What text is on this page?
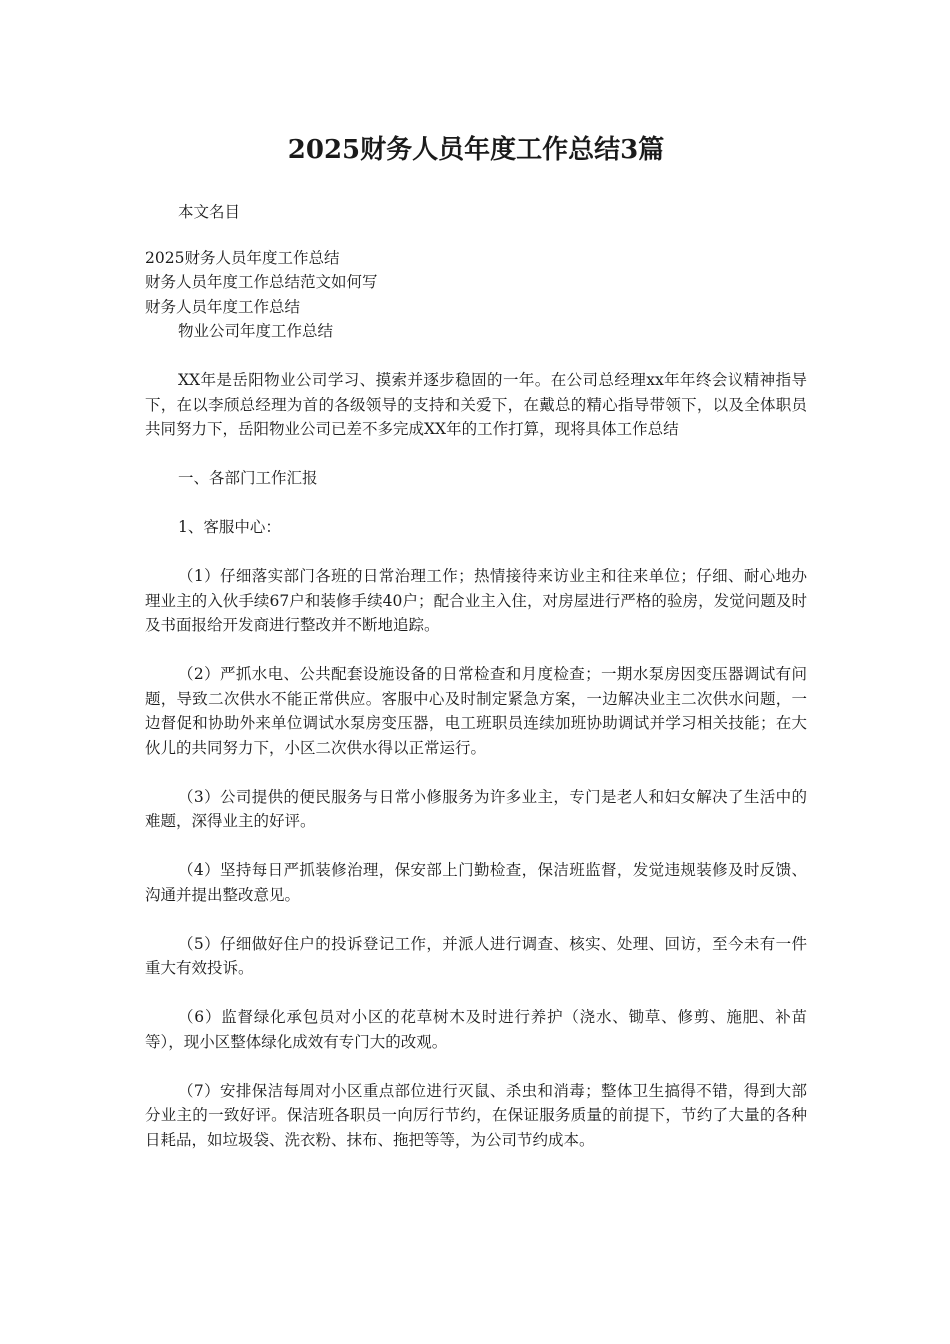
2025财务人员年度工作总结3篇

本文名目

2025财务人员年度工作总结

财务人员年度工作总结范文如何写

财务人员年度工作总结

物业公司年度工作总结

XX年是岳阳物业公司学习、摸索并逐步稳固的一年。在公司总经理xx年年终会议精神指导下，在以李颀总经理为首的各级领导的支持和关爱下，在戴总的精心指导带领下，以及全体职员共同努力下，岳阳物业公司已差不多完成XX年的工作打算，现将具体工作总结

一、各部门工作汇报

1、客服中心：

（1）仔细落实部门各班的日常治理工作；热情接待来访业主和往来单位；仔细、耐心地办理业主的入伙手续67户和装修手续40户；配合业主入住，对房屋进行严格的验房，发觉问题及时　及书面报给开发商进行整改并不断地追踪。

（2）严抓水电、公共配套设施设备的日常检查和月度检查；一期水泵房因变压器调试有问题，导致二次供水不能正常供应。客服中心及时制定紧急方案，一边解决业主二次供水问题，一边督促和协助外来单位调试水泵房变压器，电工班职员连续加班协助调试并学习相关技能；在大伙儿的共同努力下，小区二次供水得以正常运行。

（3）公司提供的便民服务与日常小修服务为许多业主，专门是老人和妇女解决了生活中的难题，深得业主的好评。

（4）坚持每日严抓装修治理，保安部上门勤检查，保洁班监督，发觉违规装修及时反馈、沟通并提出整改意见。

（5）仔细做好住户的投诉登记工作，并派人进行调查、核实、处理、回访，至今未有一件重大有效投诉。

（6）监督绿化承包员对小区的花草树木及时进行养护（浇水、锄草、修剪、施肥、补苗等），现小区整体绿化成效有专门大的改观。

（7）安排保洁每周对小区重点部位进行灭鼠、杀虫和消毒；整体卫生搞得不错，得到大部分业主的一致好评。保洁班各职员一向厉行节约，在保证服务质量的前提下，节约了大量的各种日耗品，如垃圾袋、洗衣粉、抹布、拖把等等，为公司节约成本。
